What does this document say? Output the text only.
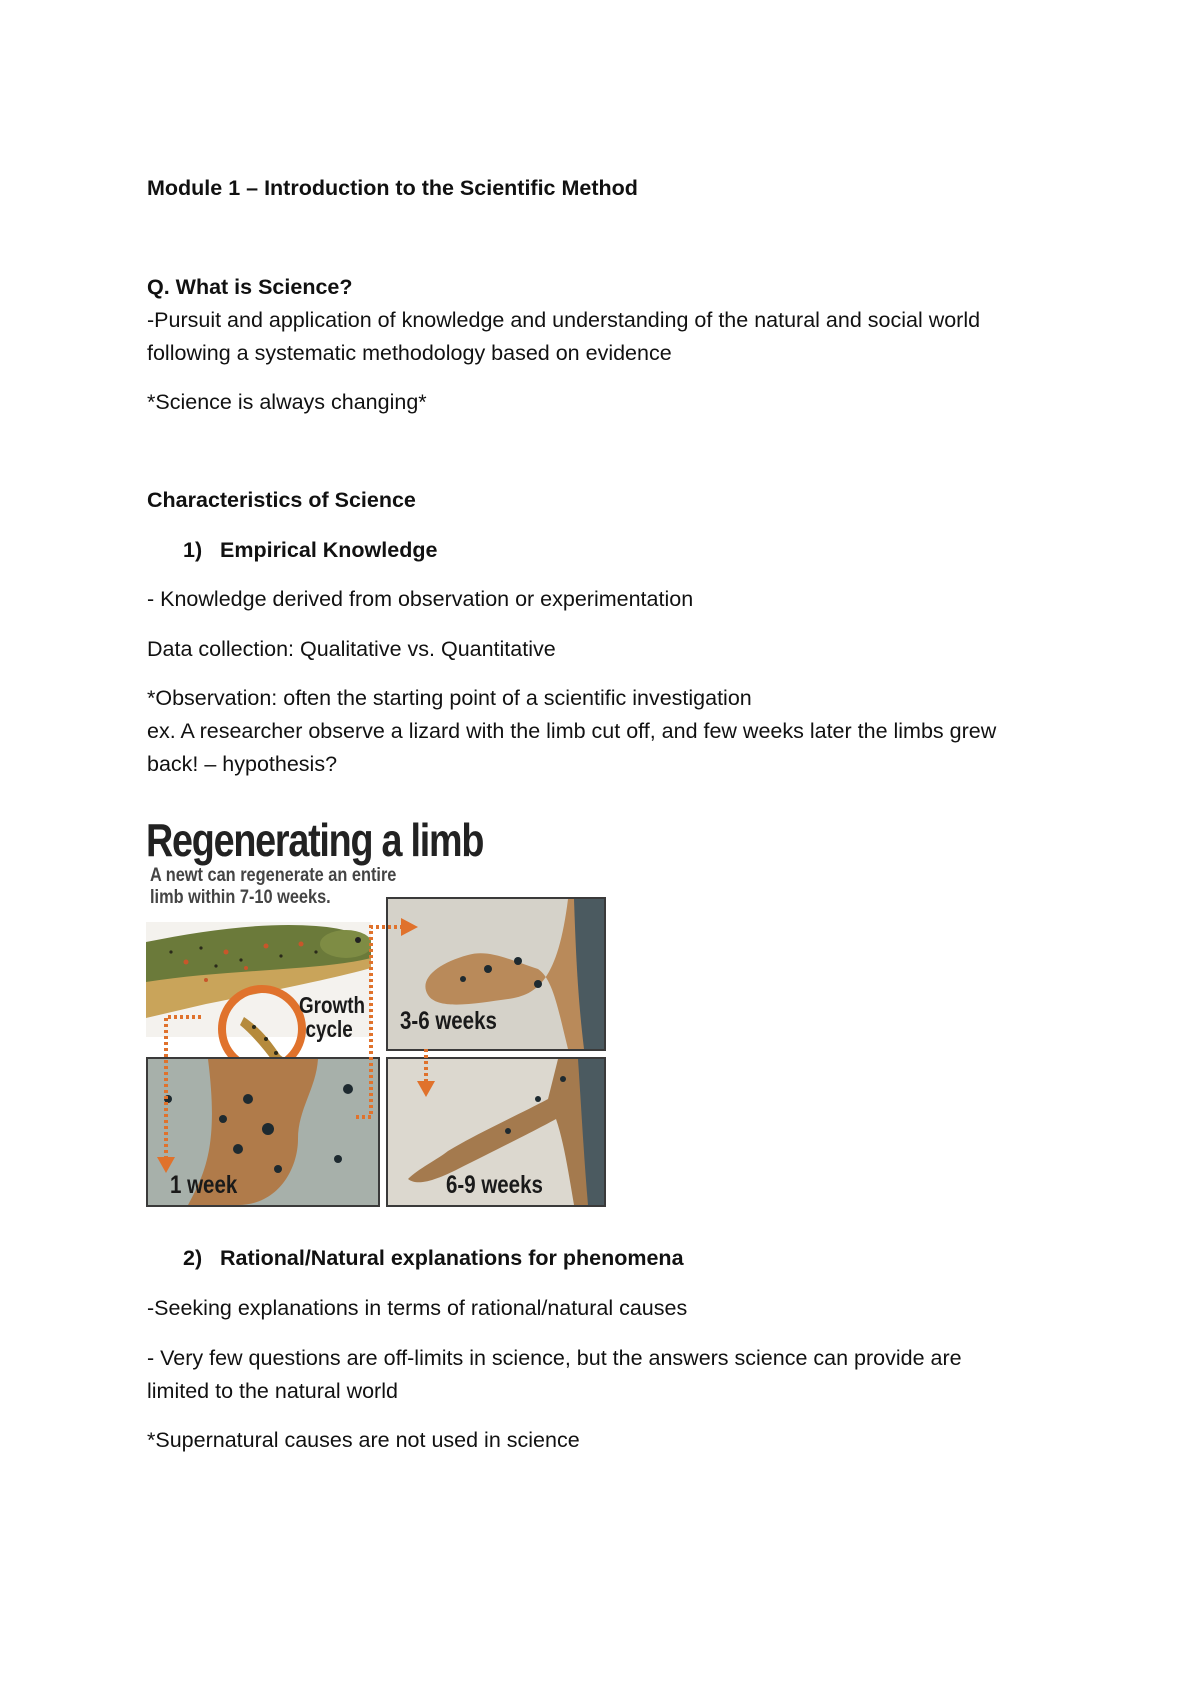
Module 1 – Introduction to the Scientific Method
Q. What is Science?
-Pursuit and application of knowledge and understanding of the natural and social world
following a systematic methodology based on evidence
*Science is always changing*
Characteristics of Science
1) Empirical Knowledge
- Knowledge derived from observation or experimentation
Data collection: Qualitative vs. Quantitative
*Observation: often the starting point of a scientific investigation
ex. A researcher observe a lizard with the limb cut off, and few weeks later the limbs grew
back! – hypothesis?
Regenerating a limb
A newt can regenerate an entire
limb within 7-10 weeks.
Growth
cycle
1 week
3-6 weeks
6-9 weeks
2) Rational/Natural explanations for phenomena
-Seeking explanations in terms of rational/natural causes
- Very few questions are off-limits in science, but the answers science can provide are
limited to the natural world
*Supernatural causes are not used in science
